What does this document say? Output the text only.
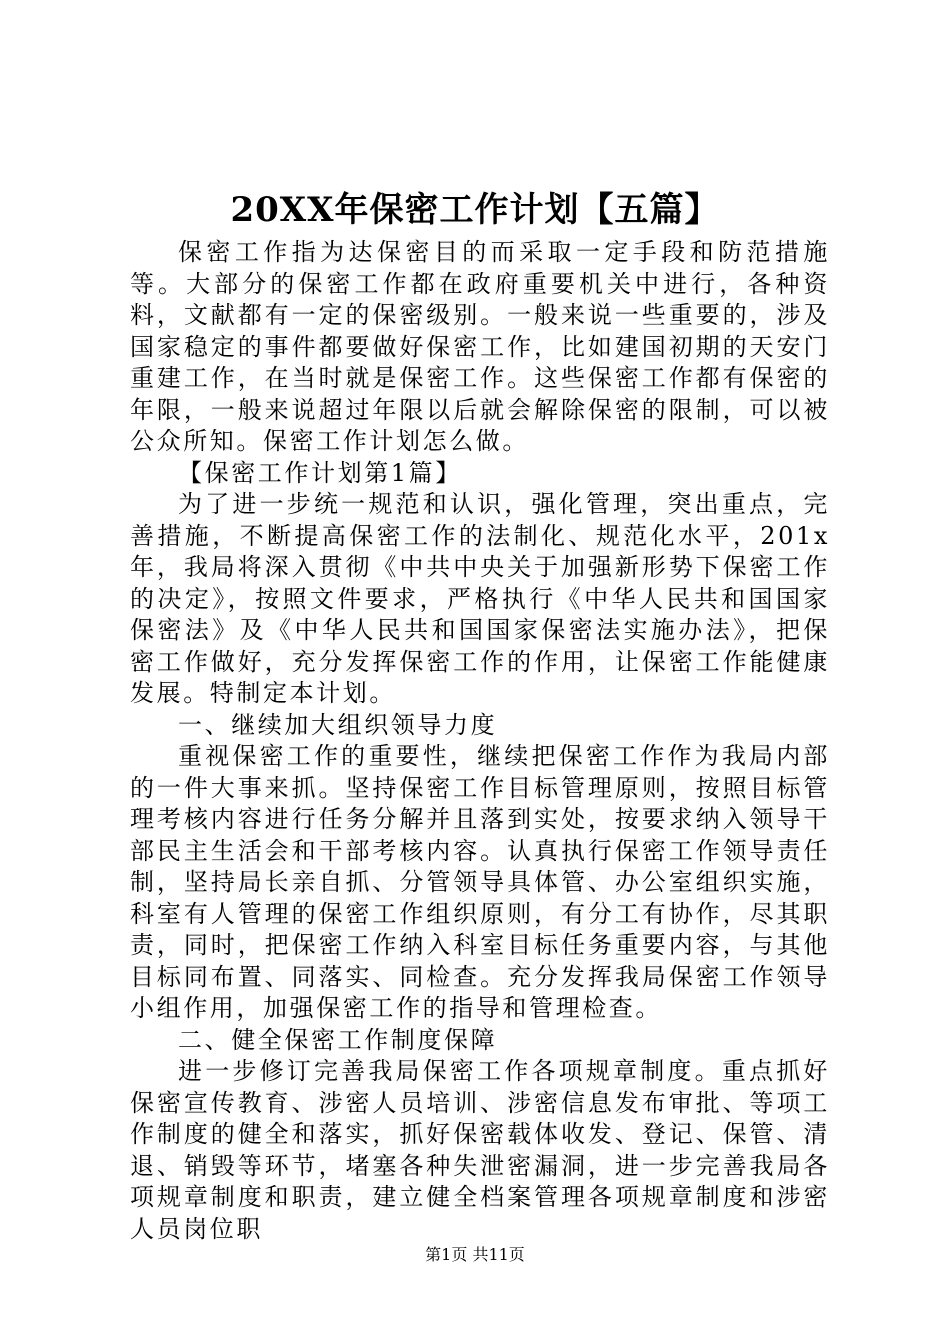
20XX年保密工作计划【五篇】

保密工作指为达保密目的而采取一定手段和防范措施等。大部分的保密工作都在政府重要机关中进行，各种资料，文献都有一定的保密级别。一般来说一些重要的，涉及国家稳定的事件都要做好保密工作，比如建国初期的天安门重建工作，在当时就是保密工作。这些保密工作都有保密的年限，一般来说超过年限以后就会解除保密的限制，可以被公众所知。保密工作计划怎么做。

【保密工作计划第1篇】

为了进一步统一规范和认识，强化管理，突出重点，完善措施，不断提高保密工作的法制化、规范化水平，201x年，我局将深入贯彻《中共中央关于加强新形势下保密工作的决定》，按照文件要求，严格执行《中华人民共和国国家保密法》及《中华人民共和国国家保密法实施办法》，把保密工作做好，充分发挥保密工作的作用，让保密工作能健康发展。特制定本计划。

一、继续加大组织领导力度

重视保密工作的重要性，继续把保密工作作为我局内部的一件大事来抓。坚持保密工作目标管理原则，按照目标管理考核内容进行任务分解并且落到实处，按要求纳入领导干部民主生活会和干部考核内容。认真执行保密工作领导责任制，坚持局长亲自抓、分管领导具体管、办公室组织实施，科室有人管理的保密工作组织原则，有分工有协作，尽其职责，同时，把保密工作纳入科室目标任务重要内容，与其他目标同布置、同落实、同检查。充分发挥我局保密工作领导小组作用，加强保密工作的指导和管理检查。

二、健全保密工作制度保障

进一步修订完善我局保密工作各项规章制度。重点抓好保密宣传教育、涉密人员培训、涉密信息发布审批、等项工作制度的健全和落实，抓好保密载体收发、登记、保管、清退、销毁等环节，堵塞各种失泄密漏洞，进一步完善我局各项规章制度和职责，建立健全档案管理各项规章制度和涉密人员岗位职

第1页 共11页
